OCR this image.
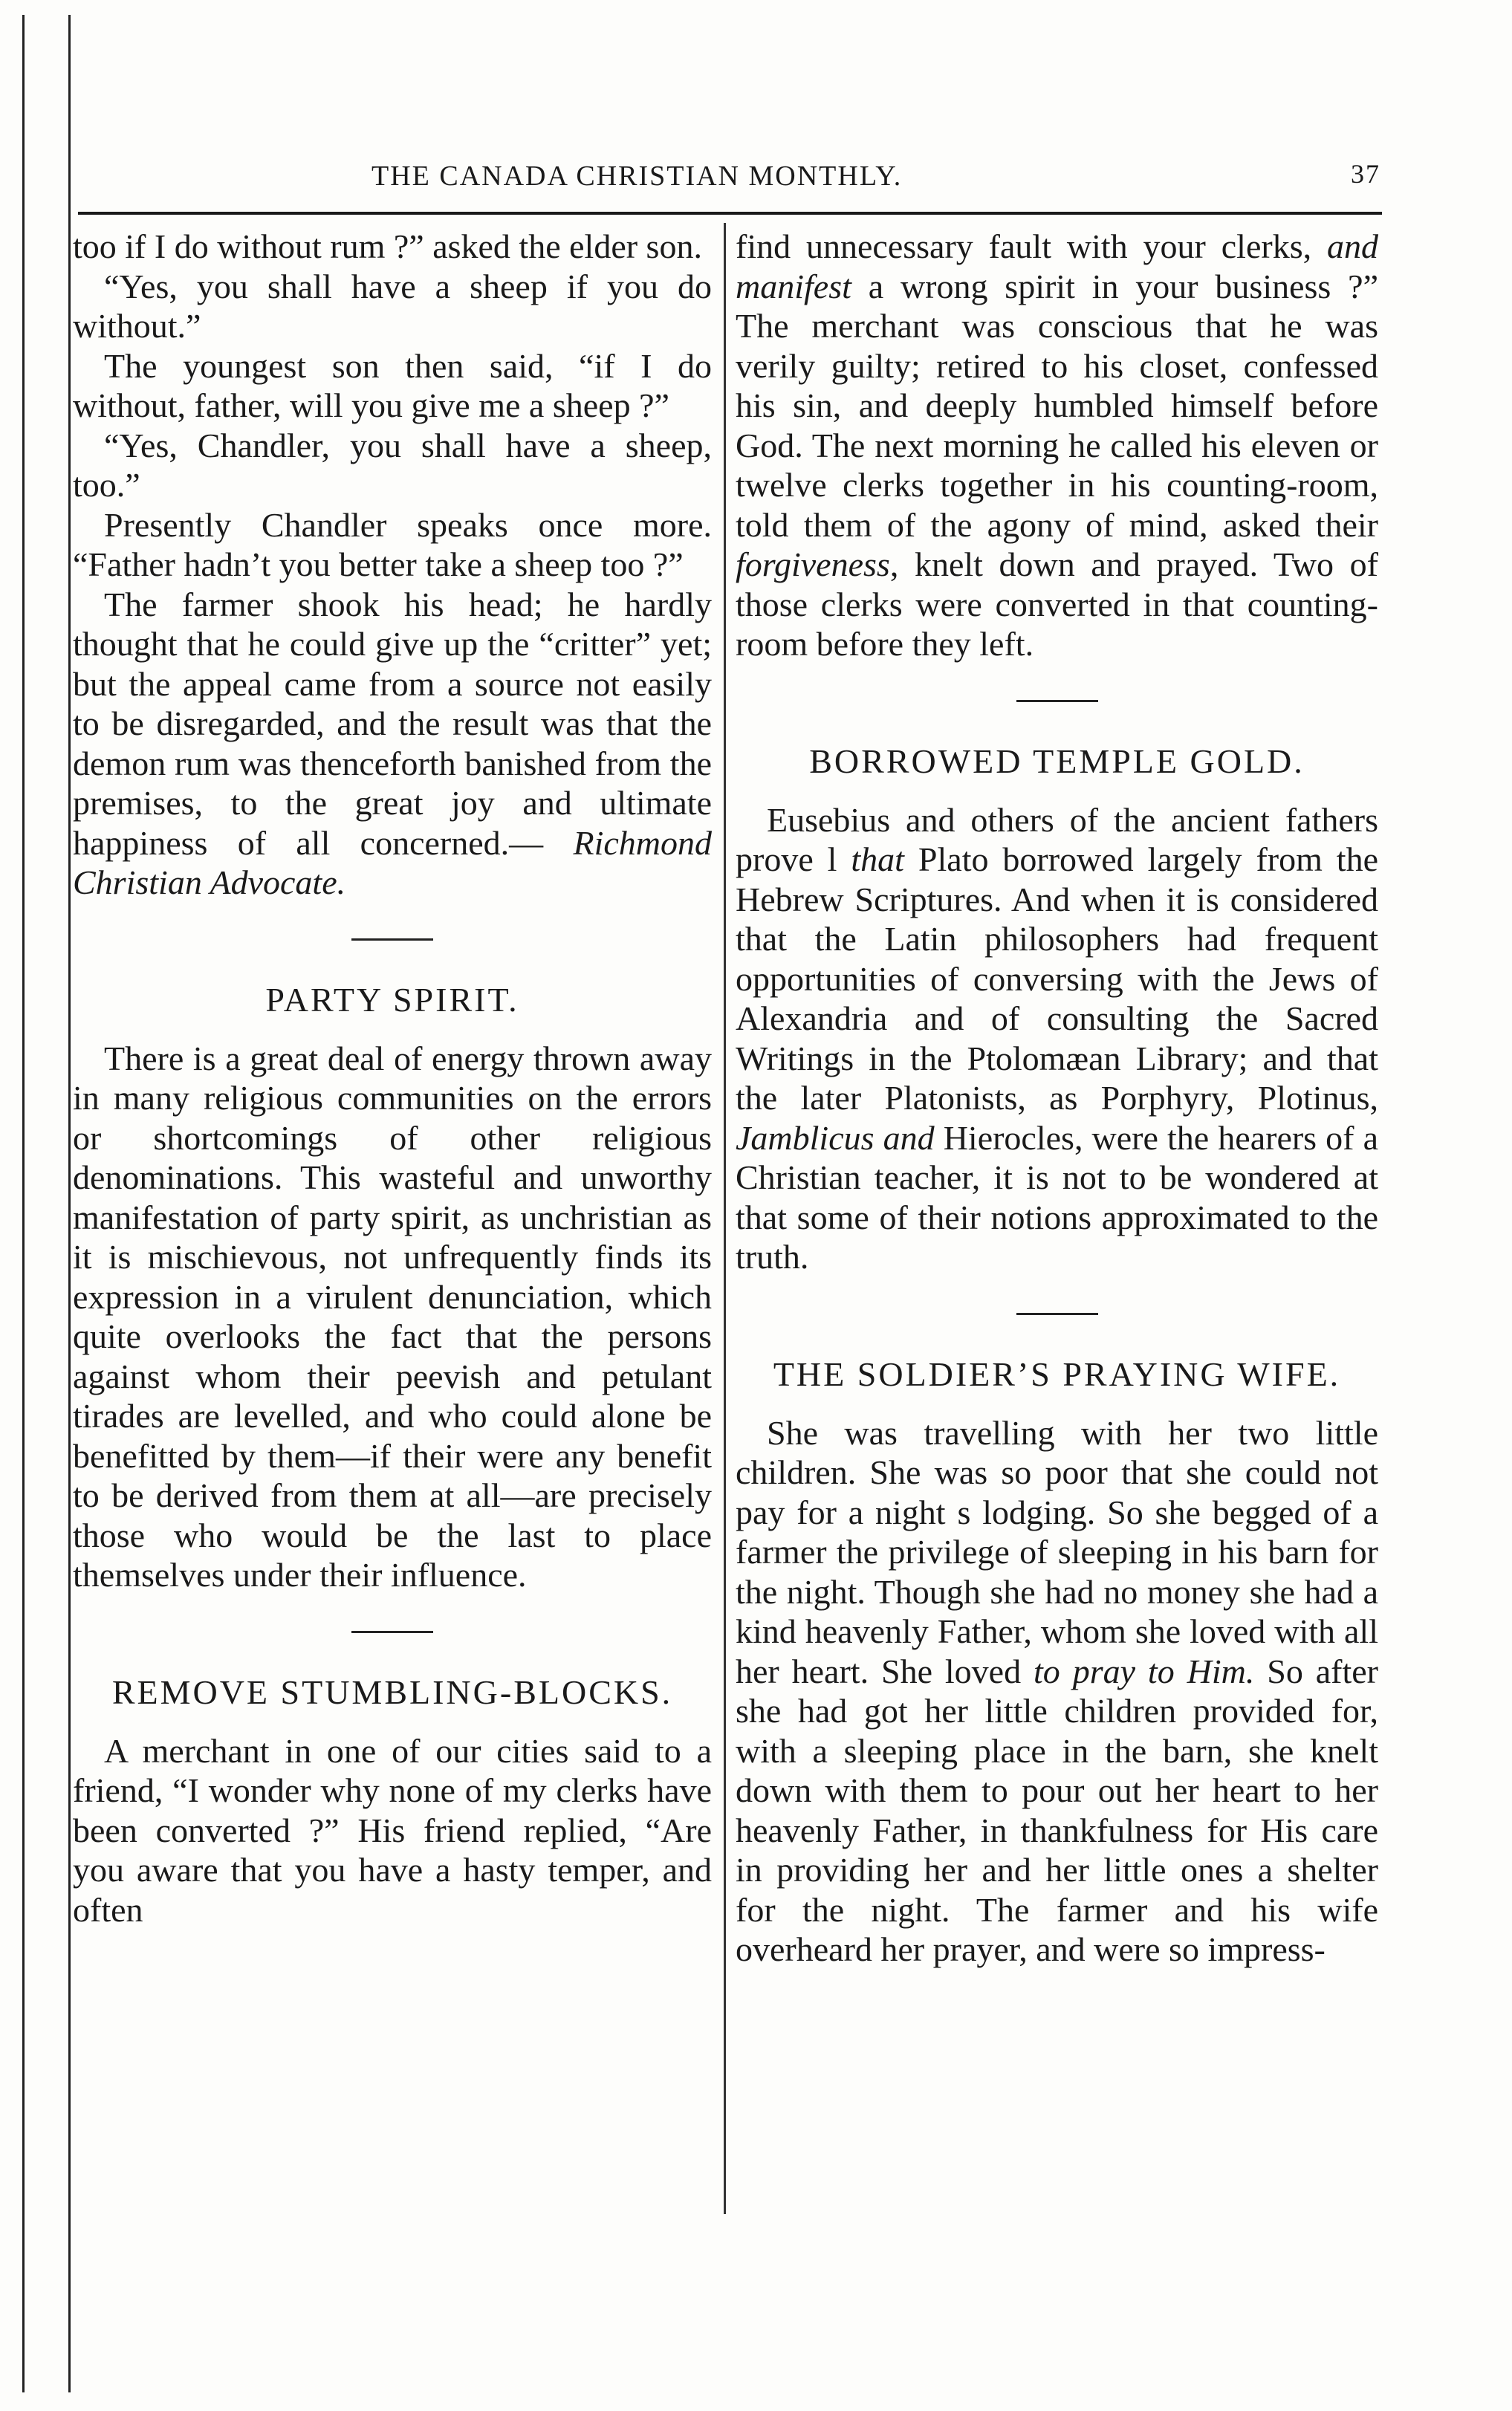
THE CANADA CHRISTIAN MONTHLY.	37

too if I do without rum ?” asked the elder son.

“Yes, you shall have a sheep if you do without.”

The youngest son then said, “if I do without, father, will you give me a sheep ?”

“Yes, Chandler, you shall have a sheep, too.”

Presently Chandler speaks once more. “Father hadn’t you better take a sheep too ?”

The farmer shook his head; he hardly thought that he could give up the “critter” yet; but the appeal came from a source not easily to be disregarded, and the result was that the demon rum was thenceforth banished from the premises, to the great joy and ultimate happiness of all concerned.— Richmond Christian Advocate.

PARTY SPIRIT.

There is a great deal of energy thrown away in many religious communities on the errors or shortcomings of other religious denominations. This wasteful and unworthy manifestation of party spirit, as unchristian as it is mischievous, not unfrequently finds its expression in a virulent denunciation, which quite overlooks the fact that the persons against whom their peevish and petulant tirades are levelled, and who could alone be benefitted by them—if their were any benefit to be derived from them at all—are precisely those who would be the last to place themselves under their influence.

REMOVE STUMBLING-BLOCKS.

A merchant in one of our cities said to a friend, “I wonder why none of my clerks have been converted ?” His friend replied, “Are you aware that you have a hasty temper, and often

find unnecessary fault with your clerks, and manifest a wrong spirit in your business ?” The merchant was conscious that he was verily guilty; retired to his closet, confessed his sin, and deeply humbled himself before God. The next morning he called his eleven or twelve clerks together in his counting-room, told them of the agony of mind, asked their forgiveness, knelt down and prayed. Two of those clerks were converted in that counting-room before they left.

BORROWED TEMPLE GOLD.

Eusebius and others of the ancient fathers prove l that Plato borrowed largely from the Hebrew Scriptures. And when it is considered that the Latin philosophers had frequent opportunities of conversing with the Jews of Alexandria and of consulting the Sacred Writings in the Ptolomæan Library; and that the later Platonists, as Porphyry, Plotinus, Jamblicus and Hierocles, were the hearers of a Christian teacher, it is not to be wondered at that some of their notions approximated to the truth.

THE SOLDIER’S PRAYING WIFE.

She was travelling with her two little children. She was so poor that she could not pay for a night s lodging. So she begged of a farmer the privilege of sleeping in his barn for the night. Though she had no money she had a kind heavenly Father, whom she loved with all her heart. She loved to pray to Him. So after she had got her little children provided for, with a sleeping place in the barn, she knelt down with them to pour out her heart to her heavenly Father, in thankfulness for His care in providing her and her little ones a shelter for the night. The farmer and his wife overheard her prayer, and were so impress-
